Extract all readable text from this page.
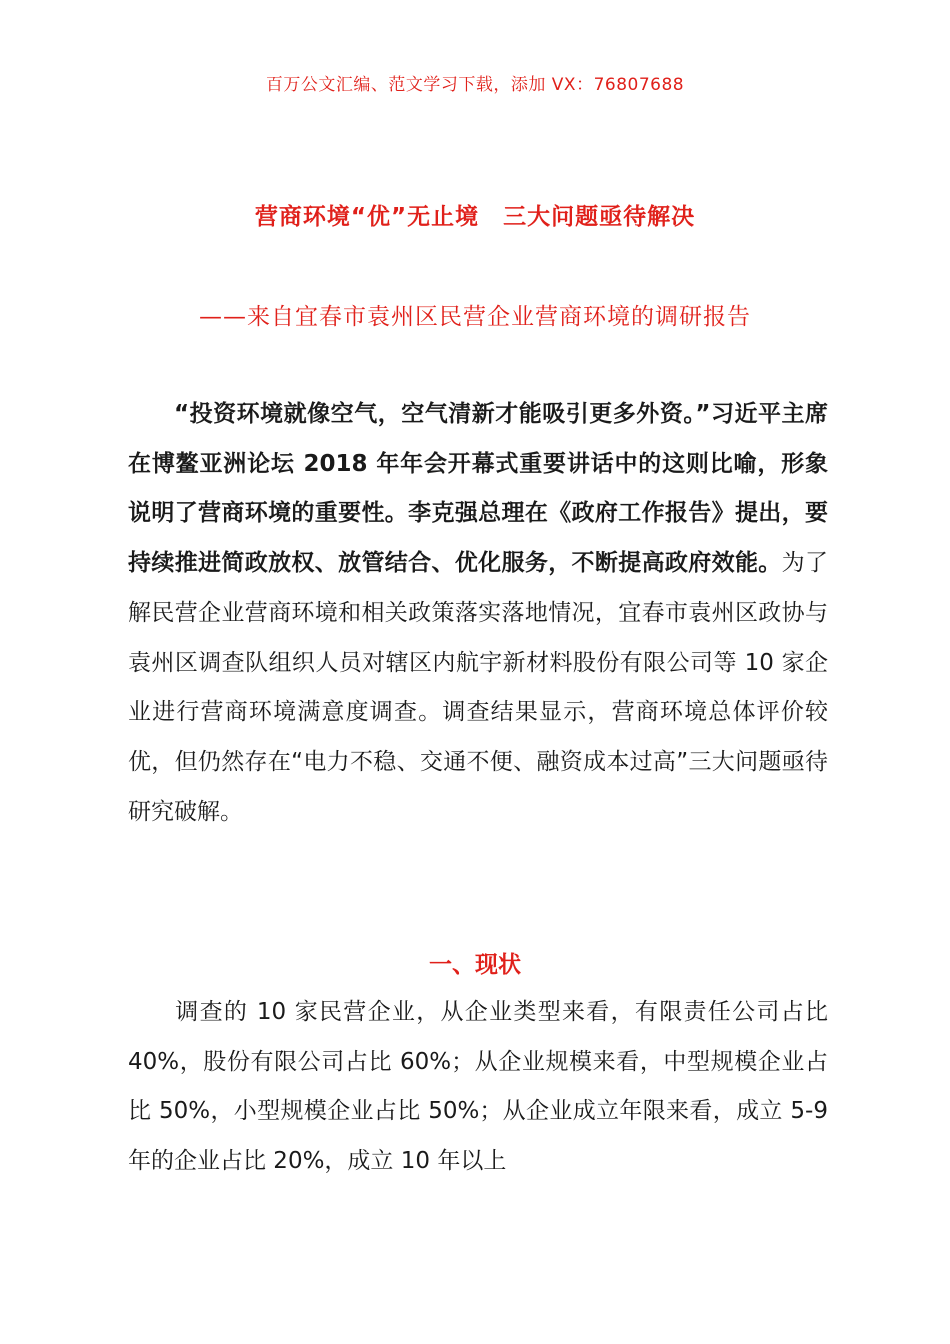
百万公文汇编、范文学习下载，添加 VX：76807688
营商环境“优”无止境　三大问题亟待解决
——来自宜春市袁州区民营企业营商环境的调研报告
“投资环境就像空气，空气清新才能吸引更多外资。”习近平主席在博鳌亚洲论坛 2018 年年会开幕式重要讲话中的这则比喻，形象说明了营商环境的重要性。李克强总理在《政府工作报告》提出，要持续推进简政放权、放管结合、优化服务，不断提高政府效能。为了解民营企业营商环境和相关政策落实落地情况，宜春市袁州区政协与袁州区调查队组织人员对辖区内航宇新材料股份有限公司等 10 家企业进行营商环境满意度调查。调查结果显示，营商环境总体评价较优，但仍然存在“电力不稳、交通不便、融资成本过高”三大问题亟待研究破解。
一、现状
调查的 10 家民营企业，从企业类型来看，有限责任公司占比 40%，股份有限公司占比 60%；从企业规模来看，中型规模企业占比 50%，小型规模企业占比 50%；从企业成立年限来看，成立 5-9 年的企业占比 20%，成立 10 年以上
